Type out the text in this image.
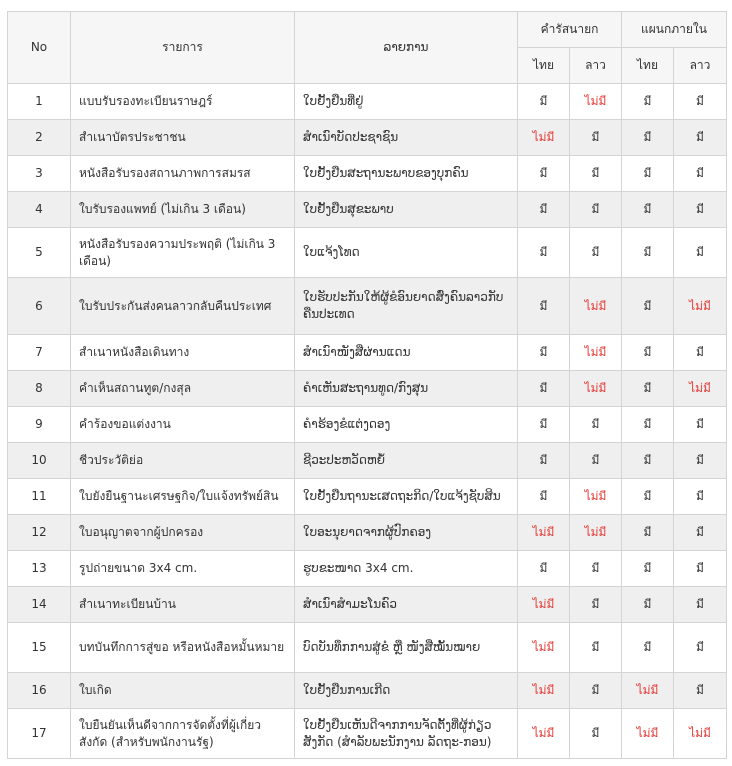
No	รายการ	ລາຍການ	คำรัสนายก		แผนกภายใน	
			ไทย	ลาว	ไทย	ลาว
1	แบบรับรองทะเบียนราษฎร์	ໃບຢັ້ງຢືນທີ່ຢູ່	มี	ไม่มี	มี	มี
2	สำเนาบัตรประชาชน	ສຳເນົາບັດປະຊາຊົນ	ไม่มี	มี	มี	มี
3	หนังสือรับรองสถานภาพการสมรส	ໃບຢັ້ງຢືນສະຖານະພາບຂອງບຸກຄົນ	มี	มี	มี	มี
4	ใบรับรองแพทย์ (ไม่เกิน 3 เดือน)	ໃບຢັ້ງຢືນສຸຂະພາບ	มี	มี	มี	มี
5	หนังสือรับรองความประพฤติ (ไม่เกิน 3 เดือน)	ໃບແຈ້ງໂທດ	มี	มี	มี	มี
6	ใบรับประกันส่งคนลาวกลับคืนประเทศ	ໃບຮັບປະກັນໃຫ້ຜູ້ຂໍອົນຍາດສົ່ງຄົນລາວກັບຄືນປະເທດ	มี	ไม่มี	มี	ไม่มี
7	สำเนาหนังสือเดินทาง	ສຳເນົາໜັງສືຜ່ານແດນ	มี	ไม่มี	มี	มี
8	คำเห็นสถานทูต/กงสุล	ຄຳເຫັນສະຖານທູດ/ກົງສຸນ	มี	ไม่มี	มี	ไม่มี
9	คำร้องขอแต่งงาน	ຄຳຮ້ອງຂໍແຕ່ງດອງ	มี	มี	มี	มี
10	ชีวประวัติย่อ	ຊີວະປະຫວັດຫຍໍ້	มี	มี	มี	มี
11	ใบยังยืนฐานะเศรษฐกิจ/ใบแจ้งทรัพย์สิน	ໃບຢັ້ງຢືນຖານະເສດຖະກິດ/ໃບແຈ້ງຊັບສິນ	มี	ไม่มี	มี	มี
12	ใบอนุญาตจากผู้ปกครอง	ໃບອະນຸຍາດຈາກຜູ້ປົກຄອງ	ไม่มี	ไม่มี	มี	มี
13	รูปถ่ายขนาด 3x4 cm.	ຮູບຂະໜາດ 3x4 cm.	มี	มี	มี	มี
14	สำเนาทะเบียนบ้าน	ສຳເນົາສຳມະໂນຄົວ	ไม่มี	มี	มี	มี
15	บทบันทึกการสู่ขอ หรือหนังสือหมั้นหมาย	ບົດບັນທຶກການສູ່ຂໍ ຫຼື ໜັງສືໝັ້ນໝາຍ	ไม่มี	มี	มี	มี
16	ใบเกิด	ໃບຢັ້ງຢືນການເກີດ	ไม่มี	มี	ไม่มี	มี
17	ใบยืนยันเห็นดีจากการจัดตั้งที่ผู้เกี่ยวสังกัด (สำหรับพนักงานรัฐ)	ໃບຢັ້ງຢືນເຫັນດີຈາກການຈັດຕັ້ງທີ່ຜູ້ກ່ຽວສັງກັດ (ສຳລັບພະນັກງານ ລັດຖະ-ກອນ)	ไม่มี	มี	ไม่มี	ไม่มี
